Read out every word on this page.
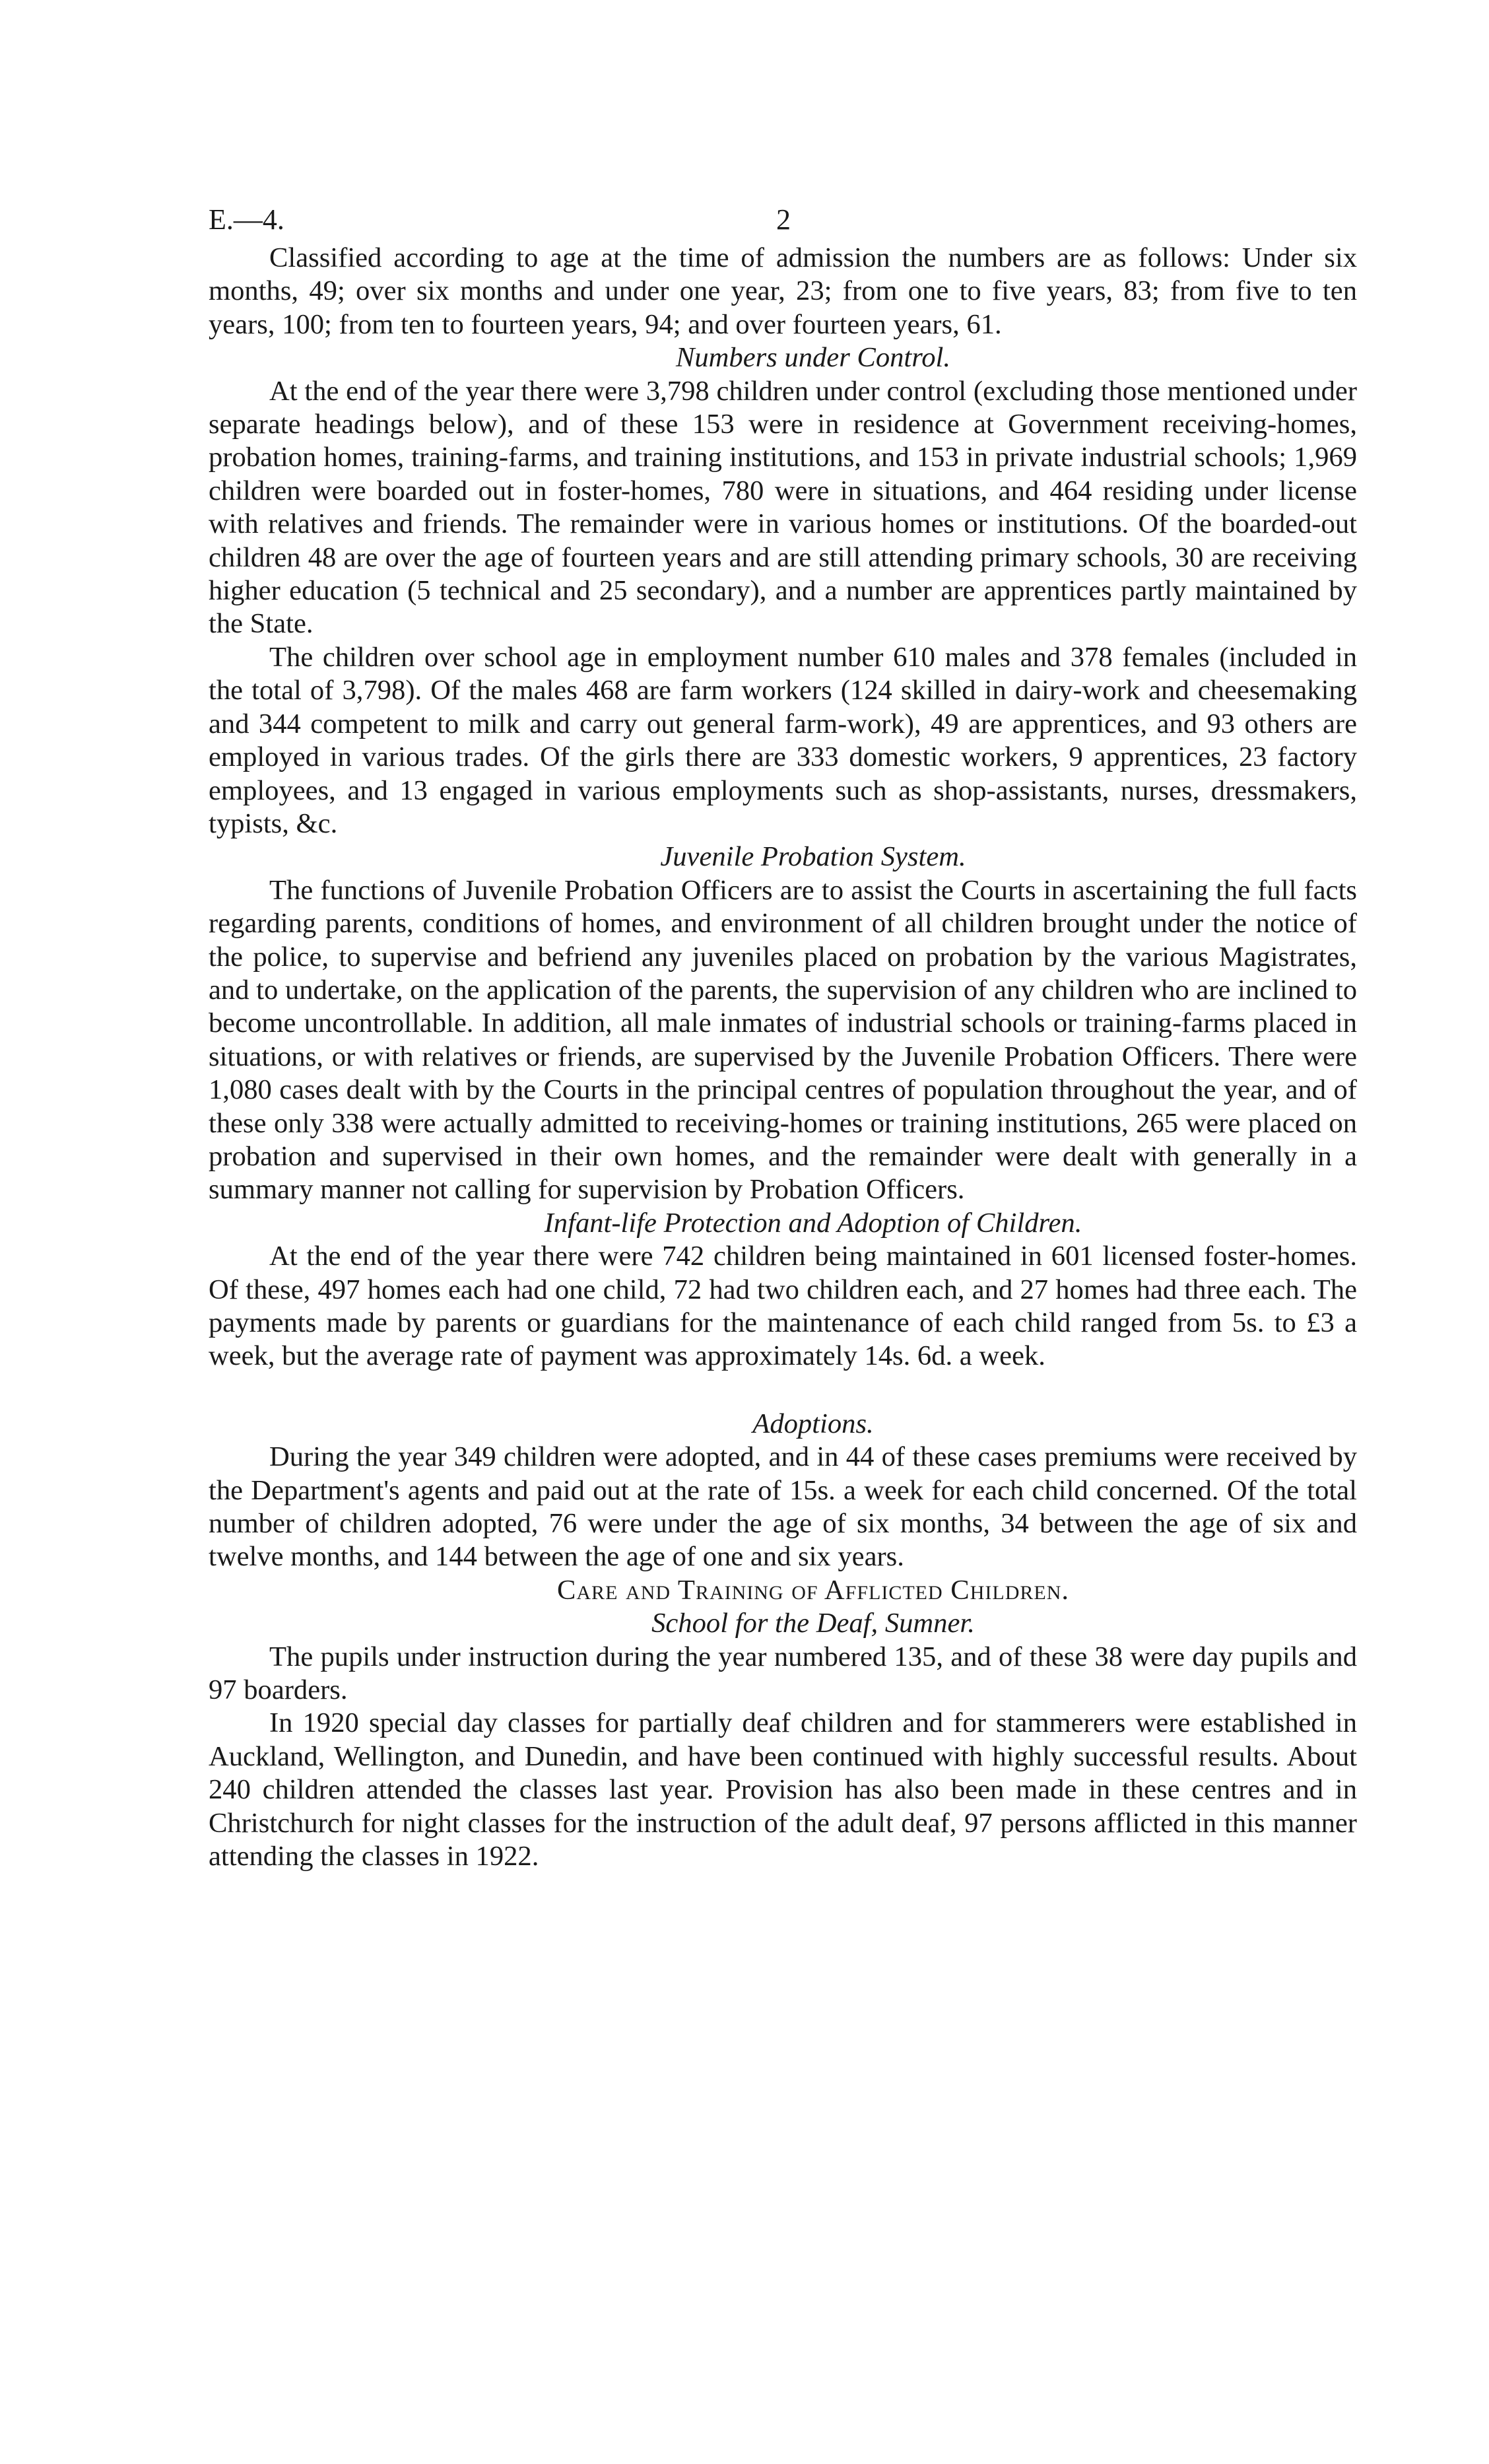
E.—4.	2

Classified according to age at the time of admission the numbers are as follows: Under six months, 49; over six months and under one year, 23; from one to five years, 83; from five to ten years, 100; from ten to fourteen years, 94; and over fourteen years, 61.

Numbers under Control.

At the end of the year there were 3,798 children under control (excluding those mentioned under separate headings below), and of these 153 were in residence at Government receiving-homes, probation homes, training-farms, and training institutions, and 153 in private industrial schools; 1,969 children were boarded out in foster-homes, 780 were in situations, and 464 residing under license with relatives and friends. The remainder were in various homes or institutions. Of the boarded-out children 48 are over the age of fourteen years and are still attending primary schools, 30 are receiving higher education (5 technical and 25 secondary), and a number are apprentices partly maintained by the State.

The children over school age in employment number 610 males and 378 females (included in the total of 3,798). Of the males 468 are farm workers (124 skilled in dairy-work and cheesemaking and 344 competent to milk and carry out general farm-work), 49 are apprentices, and 93 others are employed in various trades. Of the girls there are 333 domestic workers, 9 apprentices, 23 factory employees, and 13 engaged in various employments such as shop-assistants, nurses, dressmakers, typists, &c.

Juvenile Probation System.

The functions of Juvenile Probation Officers are to assist the Courts in ascertaining the full facts regarding parents, conditions of homes, and environment of all children brought under the notice of the police, to supervise and befriend any juveniles placed on probation by the various Magistrates, and to undertake, on the application of the parents, the supervision of any children who are inclined to become uncontrollable. In addition, all male inmates of industrial schools or training-farms placed in situations, or with relatives or friends, are supervised by the Juvenile Probation Officers. There were 1,080 cases dealt with by the Courts in the principal centres of population throughout the year, and of these only 338 were actually admitted to receiving-homes or training institutions, 265 were placed on probation and supervised in their own homes, and the remainder were dealt with generally in a summary manner not calling for supervision by Probation Officers.

Infant-life Protection and Adoption of Children.

At the end of the year there were 742 children being maintained in 601 licensed foster-homes. Of these, 497 homes each had one child, 72 had two children each, and 27 homes had three each. The payments made by parents or guardians for the maintenance of each child ranged from 5s. to £3 a week, but the average rate of payment was approximately 14s. 6d. a week.

Adoptions.

During the year 349 children were adopted, and in 44 of these cases premiums were received by the Department's agents and paid out at the rate of 15s. a week for each child concerned. Of the total number of children adopted, 76 were under the age of six months, 34 between the age of six and twelve months, and 144 between the age of one and six years.

Care and Training of Afflicted Children.

School for the Deaf, Sumner.

The pupils under instruction during the year numbered 135, and of these 38 were day pupils and 97 boarders.

In 1920 special day classes for partially deaf children and for stammerers were established in Auckland, Wellington, and Dunedin, and have been continued with highly successful results. About 240 children attended the classes last year. Provision has also been made in these centres and in Christchurch for night classes for the instruction of the adult deaf, 97 persons afflicted in this manner attending the classes in 1922.
